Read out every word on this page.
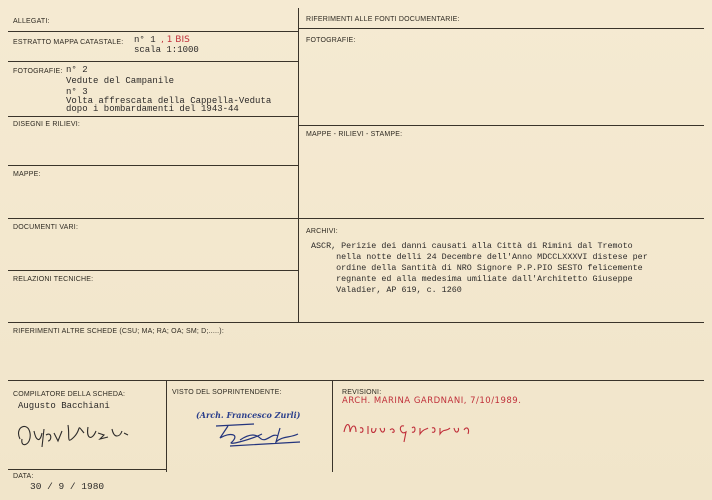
ALLEGATI:
ESTRATTO MAPPA CATASTALE:
FOTOGRAFIE:
DISEGNI E RILIEVI:
MAPPE:
DOCUMENTI VARI:
RELAZIONI TECNICHE:
RIFERIMENTI ALLE FONTI DOCUMENTARIE:
FOTOGRAFIE:
MAPPE - RILIEVI - STAMPE:
ARCHIVI:
RIFERIMENTI ALTRE SCHEDE (CSU; MA; RA; OA; SM; D;.....):
COMPILATORE DELLA SCHEDA:	VISTO DEL SOPRINTENDENTE:	REVISIONI:
DATA:
n° 1 , 1 BIS
scala 1:1000
n° 2
Vedute del Campanile
n° 3
Volta affrescata della Cappella-Veduta
dopo i bombardamenti del 1943-44
ASCR, Perizie dei danni causati alla Città di Rimini dal Tremoto
nella notte delli 24 Decembre dell'Anno MDCCLXXXVI distese per
ordine della Santità di NRO Signore P.P.PIO SESTO felicemente
regnante ed alla medesima umiliate dall'Architetto Giuseppe
Valadier, AP 619, c. 1260
Augusto Bacchiani
(Arch. Francesco Zurli)
ARCH. MARINA GARDNANI, 7/10/1989.
30 / 9 / 1980
